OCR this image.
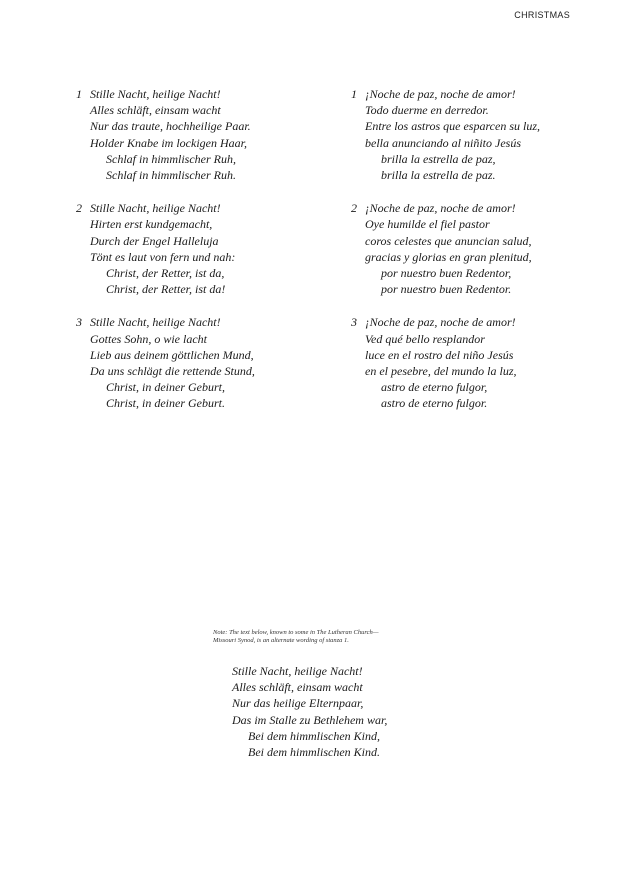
CHRISTMAS
1 Stille Nacht, heilige Nacht!
Alles schläft, einsam wacht
Nur das traute, hochheilige Paar.
Holder Knabe im lockigen Haar,
Schlaf in himmlischer Ruh,
Schlaf in himmlischer Ruh.
2 Stille Nacht, heilige Nacht!
Hirten erst kundgemacht,
Durch der Engel Halleluja
Tönt es laut von fern und nah:
Christ, der Retter, ist da,
Christ, der Retter, ist da!
3 Stille Nacht, heilige Nacht!
Gottes Sohn, o wie lacht
Lieb aus deinem göttlichen Mund,
Da uns schlägt die rettende Stund,
Christ, in deiner Geburt,
Christ, in deiner Geburt.
1 ¡Noche de paz, noche de amor!
Todo duerme en derredor.
Entre los astros que esparcen su luz,
bella anunciando al niñito Jesús
brilla la estrella de paz,
brilla la estrella de paz.
2 ¡Noche de paz, noche de amor!
Oye humilde el fiel pastor
coros celestes que anuncian salud,
gracias y glorias en gran plenitud,
por nuestro buen Redentor,
por nuestro buen Redentor.
3 ¡Noche de paz, noche de amor!
Ved qué bello resplandor
luce en el rostro del niño Jesús
en el pesebre, del mundo la luz,
astro de eterno fulgor,
astro de eterno fulgor.
Note: The text below, known to some in The Lutheran Church—
Missouri Synod, is an alternate wording of stanza 1.
Stille Nacht, heilige Nacht!
Alles schläft, einsam wacht
Nur das heilige Elternpaar,
Das im Stalle zu Bethlehem war,
Bei dem himmlischen Kind,
Bei dem himmlischen Kind.
